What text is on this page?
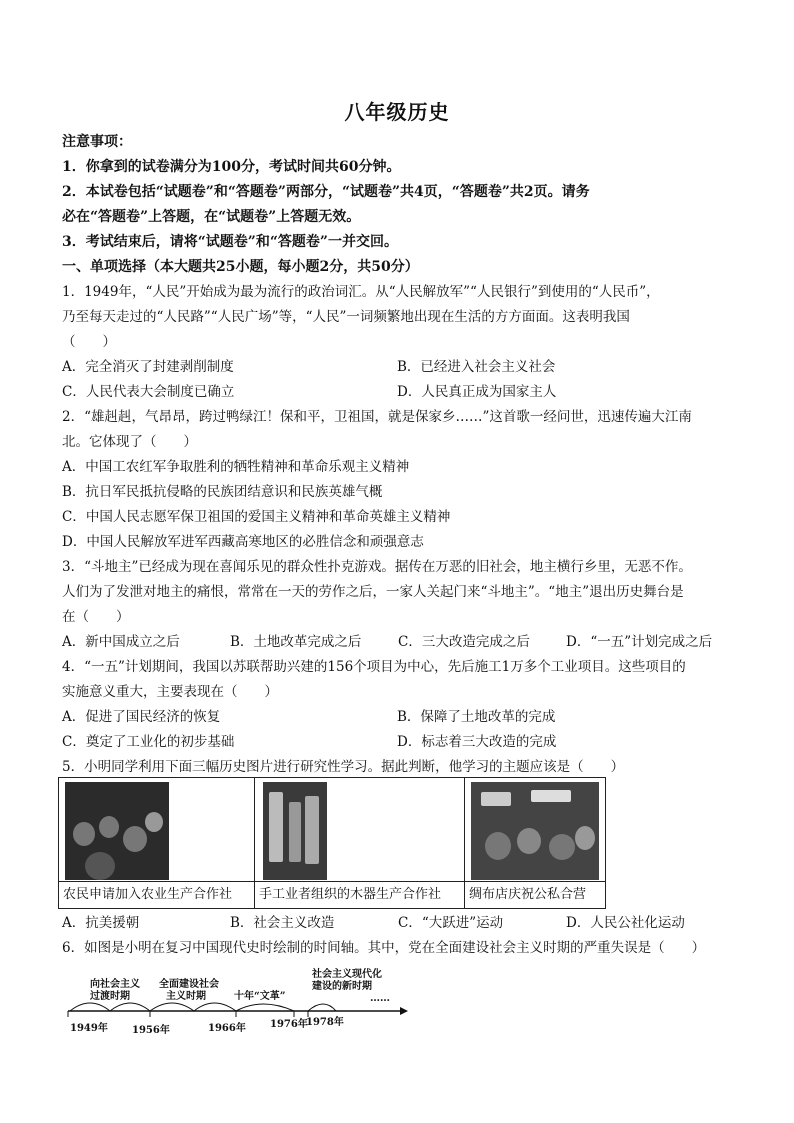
八年级历史
注意事项：
1．你拿到的试卷满分为100分，考试时间共60分钟。
2．本试卷包括“试题卷”和“答题卷”两部分，“试题卷”共4页，“答题卷”共2页。请务
必在“答题卷”上答题，在“试题卷”上答题无效。
3．考试结束后，请将“试题卷”和“答题卷”一并交回。
一、单项选择（本大题共25小题，每小题2分，共50分）
1．1949年，“人民”开始成为最为流行的政治词汇。从“人民解放军”“人民银行”到使用的“人民币”，
乃至每天走过的“人民路”“人民广场”等，“人民”一词频繁地出现在生活的方方面面。这表明我国
（　　）
A．完全消灭了封建剥削制度	B．已经进入社会主义社会
C．人民代表大会制度已确立	D．人民真正成为国家主人
2．“雄赳赳，气昂昂，跨过鸭绿江！保和平，卫祖国，就是保家乡……”这首歌一经问世，迅速传遍大江南
北。它体现了（　　）
A．中国工农红军争取胜利的牺牲精神和革命乐观主义精神
B．抗日军民抵抗侵略的民族团结意识和民族英雄气概
C．中国人民志愿军保卫祖国的爱国主义精神和革命英雄主义精神
D．中国人民解放军进军西藏高寒地区的必胜信念和顽强意志
3．“斗地主”已经成为现在喜闻乐见的群众性扑克游戏。据传在万恶的旧社会，地主横行乡里，无恶不作。
人们为了发泄对地主的痛恨，常常在一天的劳作之后，一家人关起门来“斗地主”。“地主”退出历史舞台是
在（　　）
A．新中国成立之后	B．土地改革完成之后	C．三大改造完成之后	D．“一五”计划完成之后
4．“一五”计划期间，我国以苏联帮助兴建的156个项目为中心，先后施工1万多个工业项目。这些项目的
实施意义重大，主要表现在（　　）
A．促进了国民经济的恢复	B．保障了土地改革的完成
C．奠定了工业化的初步基础	D．标志着三大改造的完成
5．小明同学利用下面三幅历史图片进行研究性学习。据此判断，他学习的主题应该是（　　）
农民申请加入农业生产合作社	手工业者组织的木器生产合作社	绸布店庆祝公私合营
A．抗美援朝	B．社会主义改造	C．“大跃进”运动	D．人民公社化运动
6．如图是小明在复习中国现代史时绘制的时间轴。其中，党在全面建设社会主义时期的严重失误是（　　）
向社会主义
过渡时期
全面建设社会
主义时期	十年“文革”
社会主义现代化
建设的新时期
……
1949年 1956年	1966年 1976年
1978年
